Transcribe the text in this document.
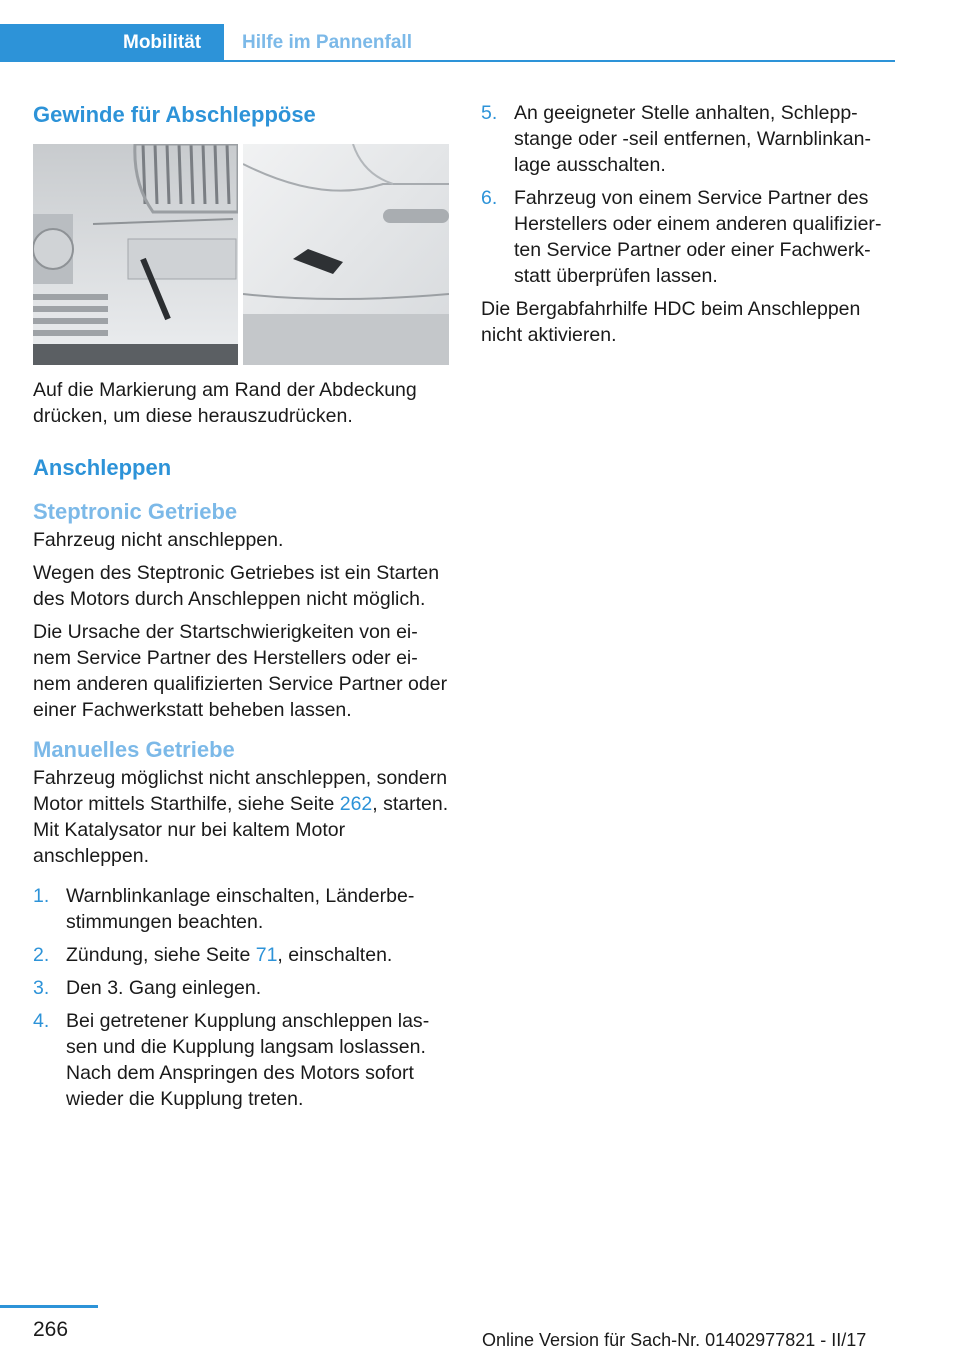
Mobilität	Hilfe im Pannenfall
Gewinde für Abschleppöse

Auf die Markierung am Rand der Abdeckung drücken, um diese herauszudrücken.

Anschleppen
Steptronic Getriebe

Fahrzeug nicht anschleppen.

Wegen des Steptronic Getriebes ist ein Starten des Motors durch Anschleppen nicht möglich.

Die Ursache der Startschwierigkeiten von einem Service Partner des Herstellers oder einem anderen qualifizierten Service Partner oder einer Fachwerkstatt beheben lassen.

Manuelles Getriebe

Fahrzeug möglichst nicht anschleppen, sondern Motor mittels Starthilfe, siehe Seite 262, starten. Mit Katalysator nur bei kaltem Motor anschleppen.

1. Warnblinkanlage einschalten, Länderbestimmungen beachten.
2. Zündung, siehe Seite 71, einschalten.
3. Den 3. Gang einlegen.
4. Bei getretener Kupplung anschleppen lassen und die Kupplung langsam loslassen. Nach dem Anspringen des Motors sofort wieder die Kupplung treten.
5. An geeigneter Stelle anhalten, Schleppstange oder -seil entfernen, Warnblinkanlage ausschalten.
6. Fahrzeug von einem Service Partner des Herstellers oder einem anderen qualifizierten Service Partner oder einer Fachwerkstatt überprüfen lassen.

Die Bergabfahrhilfe HDC beim Anschleppen nicht aktivieren.

266	Online Version für Sach-Nr. 01402977821 - II/17
